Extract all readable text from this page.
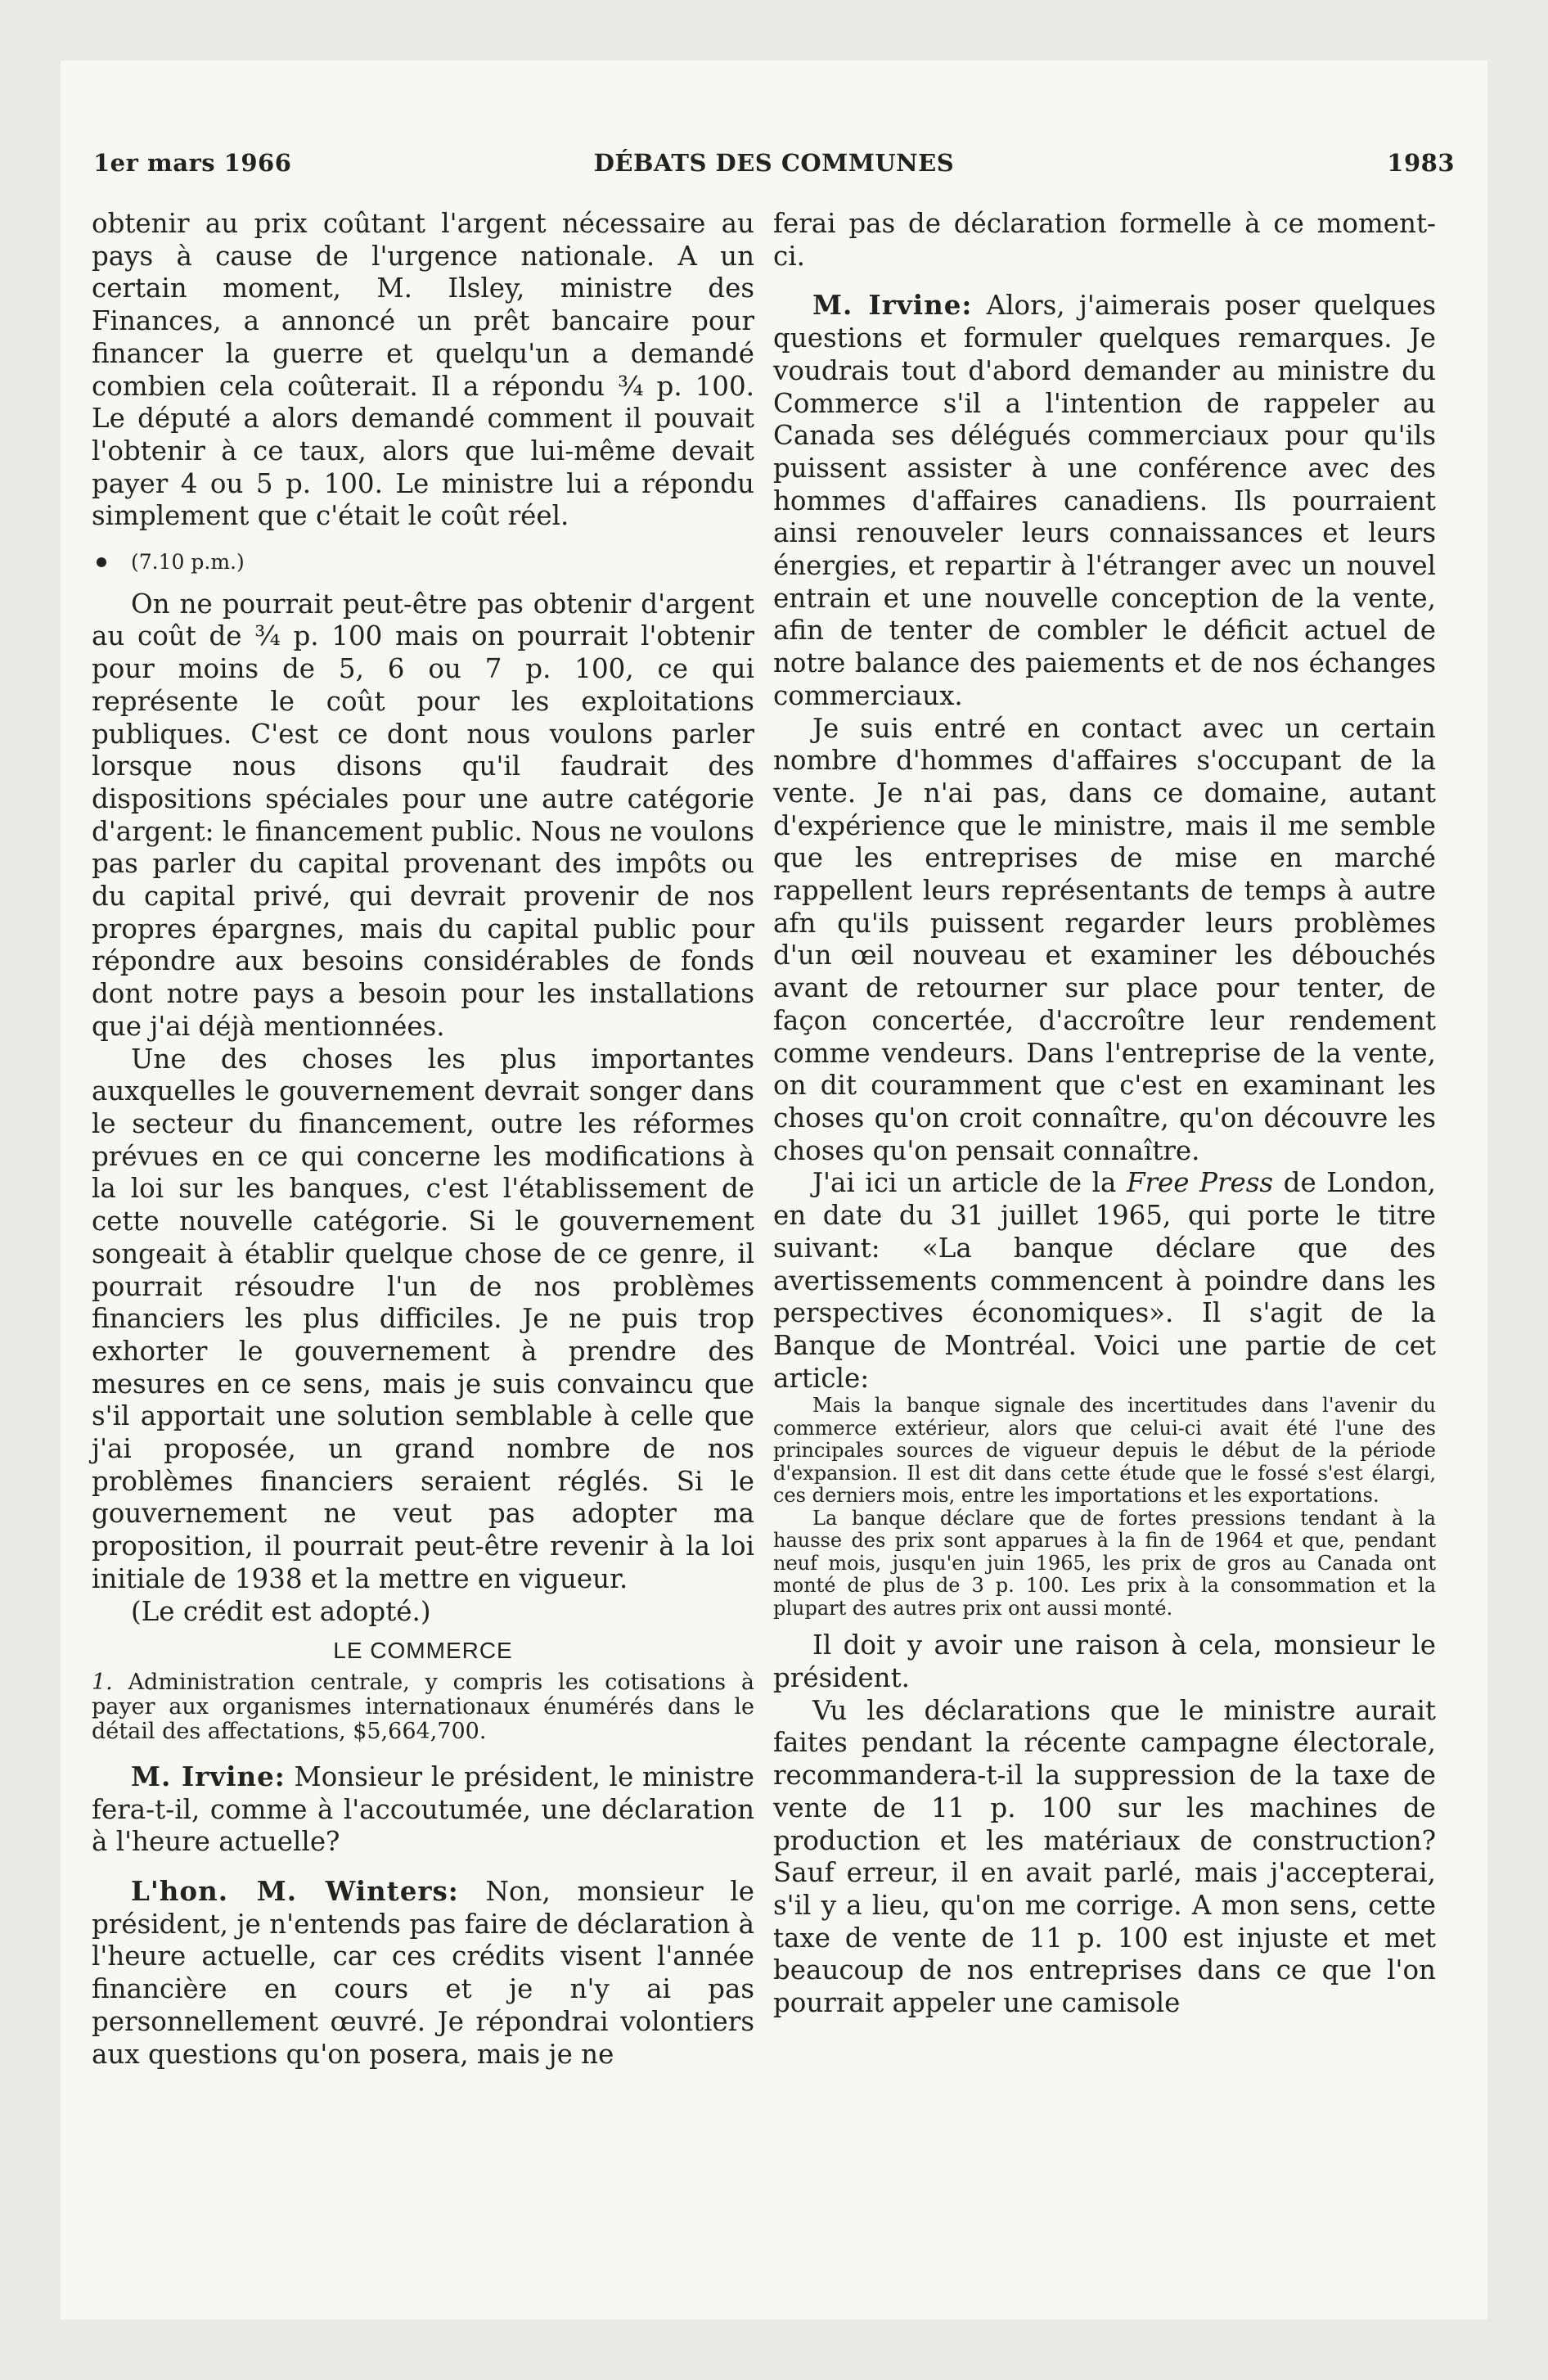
1er mars 1966	DÉBATS DES COMMUNES	1983

obtenir au prix coûtant l'argent nécessaire au pays à cause de l'urgence nationale. A un certain moment, M. Ilsley, ministre des Finances, a annoncé un prêt bancaire pour financer la guerre et quelqu'un a demandé combien cela coûterait. Il a répondu ¾ p. 100. Le député a alors demandé comment il pouvait l'obtenir à ce taux, alors que lui-même devait payer 4 ou 5 p. 100. Le ministre lui a répondu simplement que c'était le coût réel.

(7.10 p.m.)

On ne pourrait peut-être pas obtenir d'argent au coût de ¾ p. 100 mais on pourrait l'obtenir pour moins de 5, 6 ou 7 p. 100, ce qui représente le coût pour les exploitations publiques. C'est ce dont nous voulons parler lorsque nous disons qu'il faudrait des dispositions spéciales pour une autre catégorie d'argent: le financement public. Nous ne voulons pas parler du capital provenant des impôts ou du capital privé, qui devrait provenir de nos propres épargnes, mais du capital public pour répondre aux besoins considérables de fonds dont notre pays a besoin pour les installations que j'ai déjà mentionnées.

Une des choses les plus importantes auxquelles le gouvernement devrait songer dans le secteur du financement, outre les réformes prévues en ce qui concerne les modifications à la loi sur les banques, c'est l'établissement de cette nouvelle catégorie. Si le gouvernement songeait à établir quelque chose de ce genre, il pourrait résoudre l'un de nos problèmes financiers les plus difficiles. Je ne puis trop exhorter le gouvernement à prendre des mesures en ce sens, mais je suis convaincu que s'il apportait une solution semblable à celle que j'ai proposée, un grand nombre de nos problèmes financiers seraient réglés. Si le gouvernement ne veut pas adopter ma proposition, il pourrait peut-être revenir à la loi initiale de 1938 et la mettre en vigueur.

(Le crédit est adopté.)

LE COMMERCE

1. Administration centrale, y compris les cotisations à payer aux organismes internationaux énumérés dans le détail des affectations, $5,664,700.

M. Irvine: Monsieur le président, le ministre fera-t-il, comme à l'accoutumée, une déclaration à l'heure actuelle?

L'hon. M. Winters: Non, monsieur le président, je n'entends pas faire de déclaration à l'heure actuelle, car ces crédits visent l'année financière en cours et je n'y ai pas personnellement œuvré. Je répondrai volontiers aux questions qu'on posera, mais je ne

ferai pas de déclaration formelle à ce moment-ci.

M. Irvine: Alors, j'aimerais poser quelques questions et formuler quelques remarques. Je voudrais tout d'abord demander au ministre du Commerce s'il a l'intention de rappeler au Canada ses délégués commerciaux pour qu'ils puissent assister à une conférence avec des hommes d'affaires canadiens. Ils pourraient ainsi renouveler leurs connaissances et leurs énergies, et repartir à l'étranger avec un nouvel entrain et une nouvelle conception de la vente, afin de tenter de combler le déficit actuel de notre balance des paiements et de nos échanges commerciaux.

Je suis entré en contact avec un certain nombre d'hommes d'affaires s'occupant de la vente. Je n'ai pas, dans ce domaine, autant d'expérience que le ministre, mais il me semble que les entreprises de mise en marché rappellent leurs représentants de temps à autre afn qu'ils puissent regarder leurs problèmes d'un œil nouveau et examiner les débouchés avant de retourner sur place pour tenter, de façon concertée, d'accroître leur rendement comme vendeurs. Dans l'entreprise de la vente, on dit couramment que c'est en examinant les choses qu'on croit connaître, qu'on découvre les choses qu'on pensait connaître.

J'ai ici un article de la Free Press de London, en date du 31 juillet 1965, qui porte le titre suivant: «La banque déclare que des avertissements commencent à poindre dans les perspectives économiques». Il s'agit de la Banque de Montréal. Voici une partie de cet article:

Mais la banque signale des incertitudes dans l'avenir du commerce extérieur, alors que celui-ci avait été l'une des principales sources de vigueur depuis le début de la période d'expansion. Il est dit dans cette étude que le fossé s'est élargi, ces derniers mois, entre les importations et les exportations.

La banque déclare que de fortes pressions tendant à la hausse des prix sont apparues à la fin de 1964 et que, pendant neuf mois, jusqu'en juin 1965, les prix de gros au Canada ont monté de plus de 3 p. 100. Les prix à la consommation et la plupart des autres prix ont aussi monté.

Il doit y avoir une raison à cela, monsieur le président.

Vu les déclarations que le ministre aurait faites pendant la récente campagne électorale, recommandera-t-il la suppression de la taxe de vente de 11 p. 100 sur les machines de production et les matériaux de construction? Sauf erreur, il en avait parlé, mais j'accepterai, s'il y a lieu, qu'on me corrige. A mon sens, cette taxe de vente de 11 p. 100 est injuste et met beaucoup de nos entreprises dans ce que l'on pourrait appeler une camisole
